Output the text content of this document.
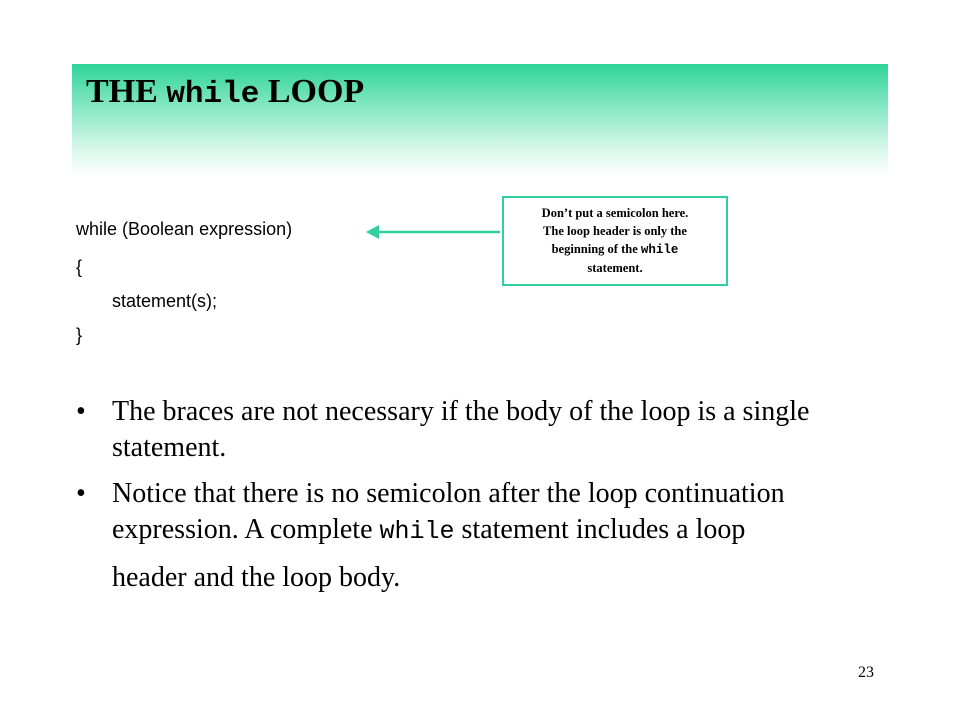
THE while LOOP
while (Boolean expression)
{
statement(s);
}
Don’t put a semicolon here.
The loop header is only the
beginning of the while
statement.
• The braces are not necessary if the body of the loop is a single statement.
• Notice that there is no semicolon after the loop continuation expression. A complete while statement includes a loop
header and the loop body.
23
